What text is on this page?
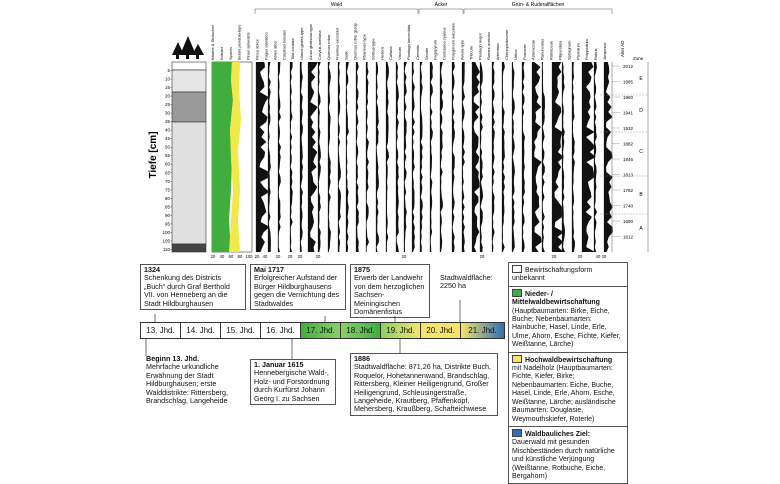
Tiefe [cm]
5
10
15
20
25
30
35
40
45
50
55
60
65
70
75
80
85
90
95
100
105
110
Wald	Acker	Grün- & Ruderalflächen
Bäume & Sträucher Kräuter Sporen Betula pendula-type Pinus sylvestris Picea abies Fagus sylvatica Abies alba Carpinus betulus Tilia cordata Ulmus glabra-type Alnus glutinosa-type Corylus avellana Quercus robur Fraxinus excelsior Salix Quercus robur group Rhamnus-type Sorbus-type Hedera Calluna Viscum Plantago lanceolata Cerealia Secale Fagopyrum Centaurea cyanus Polygonum aviculare Avena-type Triticum Plantago major Rumex acetosa Artemisia Chenopodiaceae Urtica Poaceae Asteraceae Ranunculus Rubiaceae Filipendula Sphagnum Pteridium Polypodium Rubus Juniperus
20 40 60 80 100 20 40 20 20 20	20	20	20	20	20	40 20
Alter AD
Zone
2012
1985
1960
1941
1932
1882
1846
1813
1782
1740
1690
1612
E
D
C
B
A
13. Jhd.	14. Jhd.	15. Jhd.	16. Jhd.	17. Jhd.	18. Jhd.	19. Jhd.	20. Jhd.	21. Jhd.
1324
Schenkung des Districts „Buch“ durch Graf Berthold VII. von Henneberg an die Stadt Hildburghausen
Mai 1717
Erfolgreicher Aufstand der Bürger Hildburghausens gegen die Vernichtung des Stadtwaldes
1875
Erwerb der Landwehr von dem herzoglichen Sachsen-Meiningischen Domänenfistus
Stadtwaldfläche: 2250 ha
Beginn 13. Jhd.
Mehrfache urkundliche Erwähnung der Stadt Hildburghausen; erste Walddistrikte: Rittersberg, Brandschlag, Langeheide
1. Januar 1615
Hennebergische Wald-, Holz- und Forstordnung durch Kurfürst Johann Georg I. zu Sachsen
1886
Stadtwaldfläche: 871,26 ha, Distrikte Buch, Roquelor, Hohetannenwand, Brandschlag, Rittersberg, Kleiner Heiligengrund, Großer Heiligengrund, Schleusingerstraße, Langeheide, Krautberg, Pfaffenkopf, Mehersberg, Kraußberg, Schafteichwiese
Bewirtschaftungsform unbekannt
Nieder- / Mittelwaldbewirtschaftung
(Hauptbaumarten: Birke, Eiche, Buche; Nebenbaumarten: Hainbuche, Hasel, Linde, Erle, Ulme, Ahorn, Esche, Fichte, Kiefer, Weißtanne, Lärche)
Hochwaldbewirtschaftung
mit Nadelholz (Hauptbaumarten: Fichte, Kiefer, Birke; Nebenbaumarten: Eiche, Buche, Hasel, Linde, Erle, Ahorn, Esche, Weißtanne, Lärche; ausländische Baumarten: Douglasie, Weymouthskiefer, Roterle)
Waldbauliches Ziel: Dauerwald mit gesunden Mischbeständen durch natürliche und künstliche Verjüngung (Weißtanne, Rotbuche, Eiche, Bergahorn)
